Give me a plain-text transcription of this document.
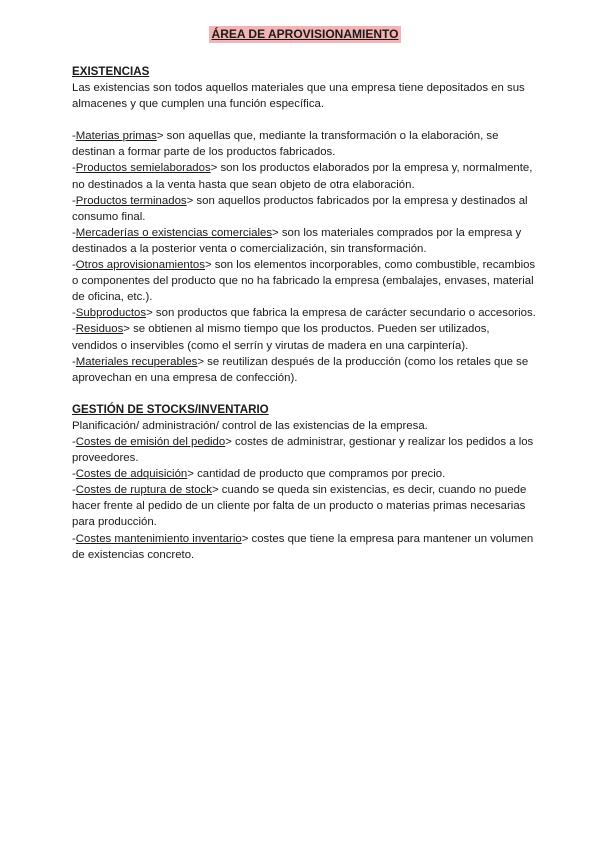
ÁREA DE APROVISIONAMIENTO
EXISTENCIAS
Las existencias son todos aquellos materiales que una empresa tiene depositados en sus almacenes y que cumplen una función específica.
-Materias primas> son aquellas que, mediante la transformación o la elaboración, se destinan a formar parte de los productos fabricados.
-Productos semielaborados> son los productos elaborados por la empresa y, normalmente, no destinados a la venta hasta que sean objeto de otra elaboración.
-Productos terminados> son aquellos productos fabricados por la empresa y destinados al consumo final.
-Mercaderías o existencias comerciales> son los materiales comprados por la empresa y destinados a la posterior venta o comercialización, sin transformación.
-Otros aprovisionamientos> son los elementos incorporables, como combustible, recambios o componentes del producto que no ha fabricado la empresa (embalajes, envases, material de oficina, etc.).
-Subproductos> son productos que fabrica la empresa de carácter secundario o accesorios.
-Residuos> se obtienen al mismo tiempo que los productos. Pueden ser utilizados, vendidos o inservibles (como el serrín y virutas de madera en una carpintería).
-Materiales recuperables> se reutilizan después de la producción (como los retales que se aprovechan en una empresa de confección).
GESTIÓN DE STOCKS/INVENTARIO
Planificación/ administración/ control de las existencias de la empresa.
-Costes de emisión del pedido> costes de administrar, gestionar y realizar los pedidos a los proveedores.
-Costes de adquisición> cantidad de producto que compramos por precio.
-Costes de ruptura de stock> cuando se queda sin existencias, es decir, cuando no puede hacer frente al pedido de un cliente por falta de un producto o materias primas necesarias para producción.
-Costes mantenimiento inventario> costes que tiene la empresa para mantener un volumen de existencias concreto.
